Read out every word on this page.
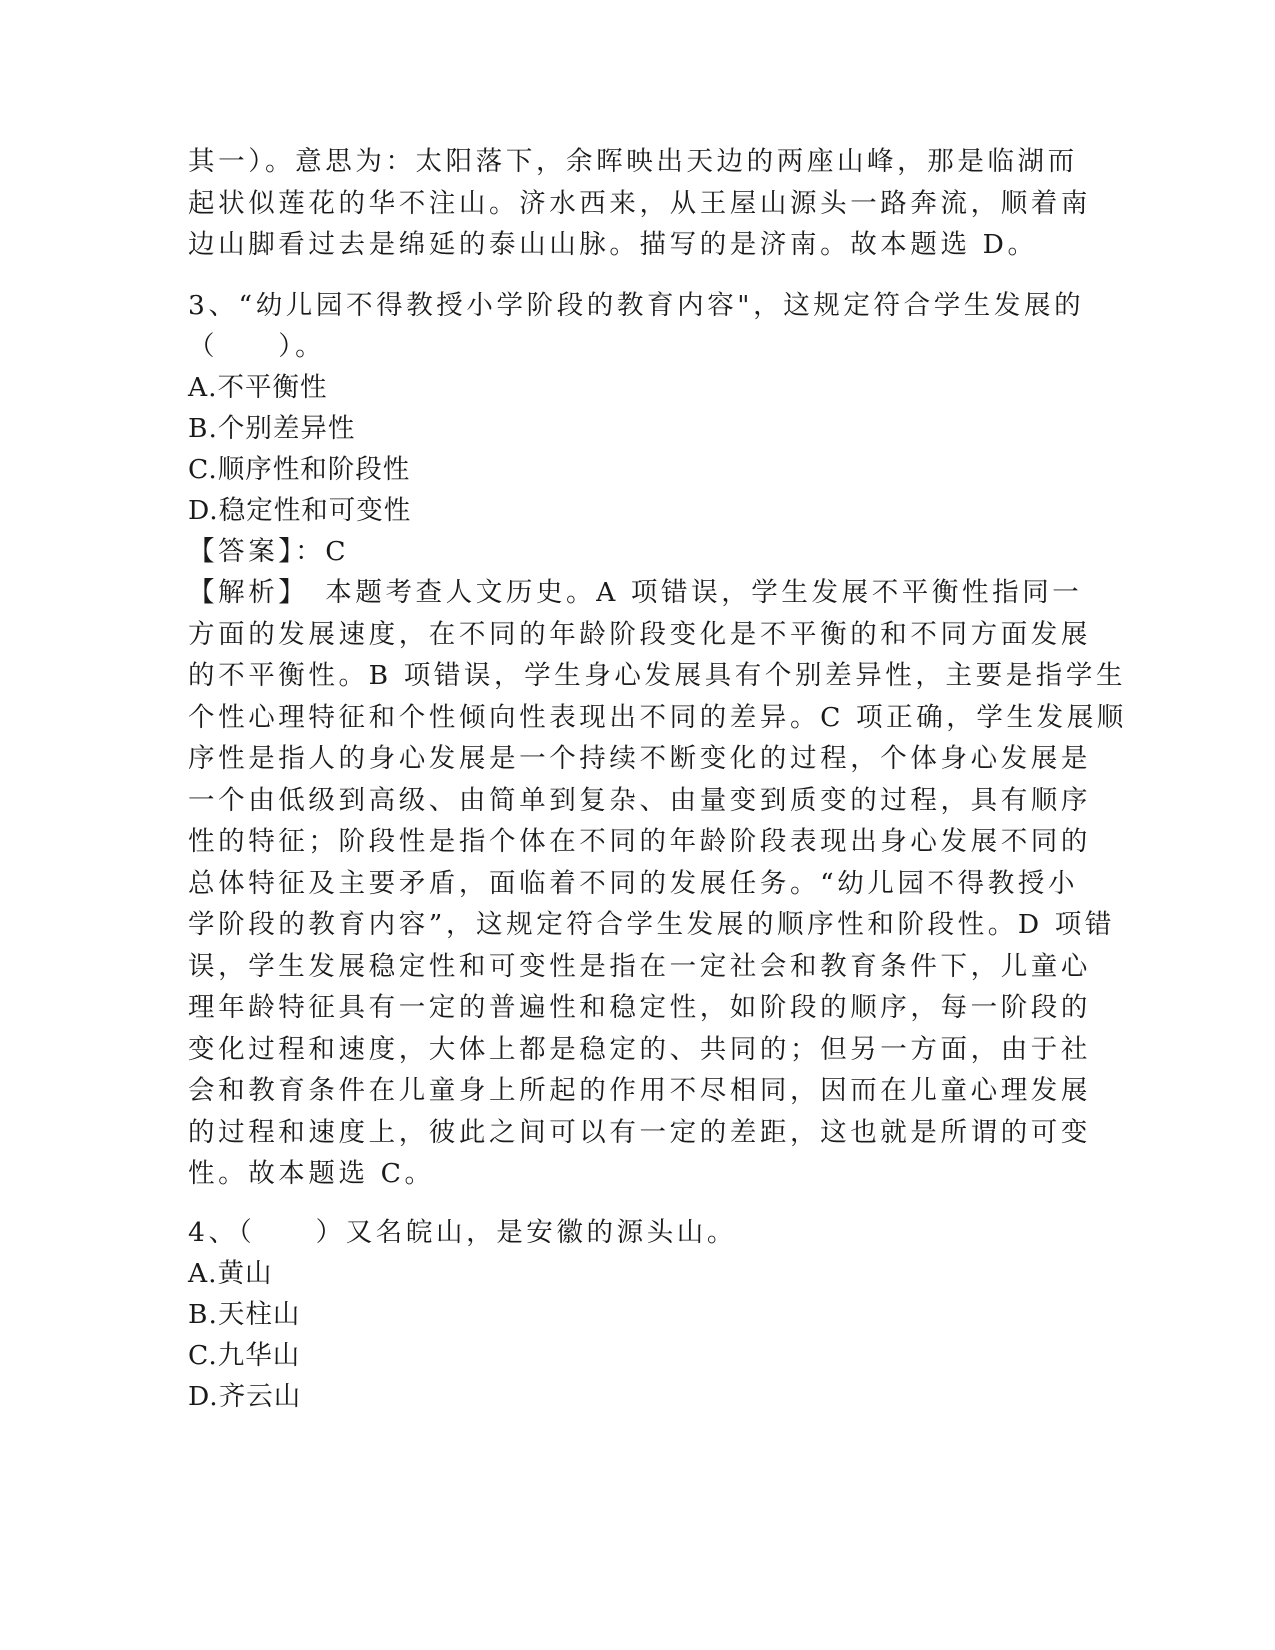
其一）。意思为：太阳落下，余晖映出天边的两座山峰，那是临湖而
起状似莲花的华不注山。济水西来，从王屋山源头一路奔流，顺着南
边山脚看过去是绵延的泰山山脉。描写的是济南。故本题选 D。
3、“幼儿园不得教授小学阶段的教育内容"，这规定符合学生发展的
（　　）。
A.不平衡性
B.个别差异性
C.顺序性和阶段性
D.稳定性和可变性
【答案】：C
【解析】　本题考查人文历史。A 项错误，学生发展不平衡性指同一
方面的发展速度，在不同的年龄阶段变化是不平衡的和不同方面发展
的不平衡性。B 项错误，学生身心发展具有个别差异性，主要是指学生
个性心理特征和个性倾向性表现出不同的差异。C 项正确，学生发展顺
序性是指人的身心发展是一个持续不断变化的过程，个体身心发展是
一个由低级到高级、由简单到复杂、由量变到质变的过程，具有顺序
性的特征；阶段性是指个体在不同的年龄阶段表现出身心发展不同的
总体特征及主要矛盾，面临着不同的发展任务。“幼儿园不得教授小
学阶段的教育内容”，这规定符合学生发展的顺序性和阶段性。D 项错
误，学生发展稳定性和可变性是指在一定社会和教育条件下，儿童心
理年龄特征具有一定的普遍性和稳定性，如阶段的顺序，每一阶段的
变化过程和速度，大体上都是稳定的、共同的；但另一方面，由于社
会和教育条件在儿童身上所起的作用不尽相同，因而在儿童心理发展
的过程和速度上，彼此之间可以有一定的差距，这也就是所谓的可变
性。故本题选 C。
4、（　　）又名皖山，是安徽的源头山。
A.黄山
B.天柱山
C.九华山
D.齐云山
